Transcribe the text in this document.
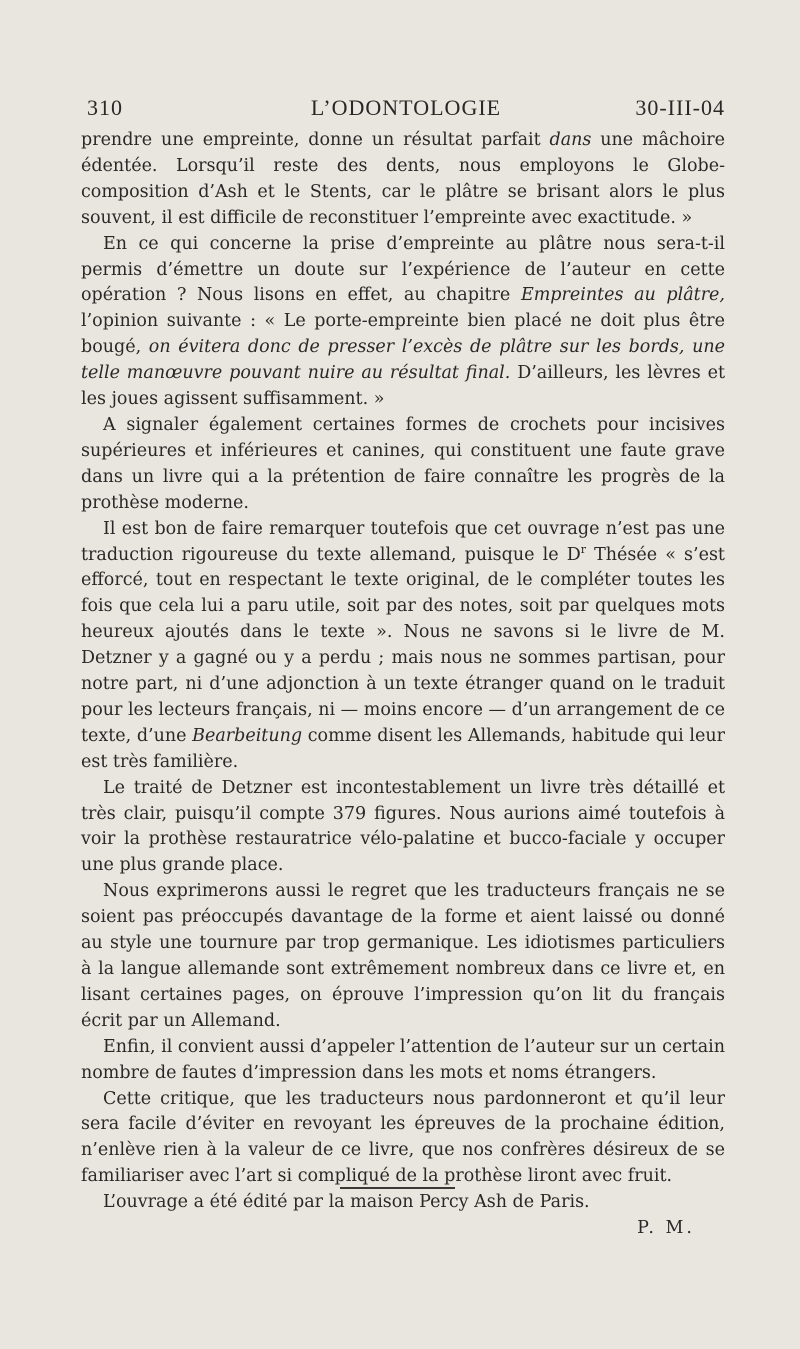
310	L’ODONTOLOGIE	30-III-04

prendre une empreinte, donne un résultat parfait dans une mâchoire édentée. Lorsqu’il reste des dents, nous employons le Globe-composition d’Ash et le Stents, car le plâtre se brisant alors le plus souvent, il est difficile de reconstituer l’empreinte avec exactitude. »

En ce qui concerne la prise d’empreinte au plâtre nous sera-t-il permis d’émettre un doute sur l’expérience de l’auteur en cette opération ? Nous lisons en effet, au chapitre Empreintes au plâtre, l’opinion suivante : « Le porte-empreinte bien placé ne doit plus être bougé, on évitera donc de presser l’excès de plâtre sur les bords, une telle manœuvre pouvant nuire au résultat final. D’ailleurs, les lèvres et les joues agissent suffisamment. »

A signaler également certaines formes de crochets pour incisives supérieures et inférieures et canines, qui constituent une faute grave dans un livre qui a la prétention de faire connaître les progrès de la prothèse moderne.

Il est bon de faire remarquer toutefois que cet ouvrage n’est pas une traduction rigoureuse du texte allemand, puisque le $D^r$ Thésée « s’est efforcé, tout en respectant le texte original, de le compléter toutes les fois que cela lui a paru utile, soit par des notes, soit par quelques mots heureux ajoutés dans le texte ». Nous ne savons si le livre de M. Detzner y a gagné ou y a perdu ; mais nous ne sommes partisan, pour notre part, ni d’une adjonction à un texte étranger quand on le traduit pour les lecteurs français, ni — moins encore — d’un arrangement de ce texte, d’une Bearbeitung comme disent les Allemands, habitude qui leur est très familière.

Le traité de Detzner est incontestablement un livre très détaillé et très clair, puisqu’il compte 379 figures. Nous aurions aimé toutefois à voir la prothèse restauratrice vélo-palatine et bucco-faciale y occuper une plus grande place.

Nous exprimerons aussi le regret que les traducteurs français ne se soient pas préoccupés davantage de la forme et aient laissé ou donné au style une tournure par trop germanique. Les idiotismes particuliers à la langue allemande sont extrêmement nombreux dans ce livre et, en lisant certaines pages, on éprouve l’impression qu’on lit du français écrit par un Allemand.

Enfin, il convient aussi d’appeler l’attention de l’auteur sur un certain nombre de fautes d’impression dans les mots et noms étrangers.

Cette critique, que les traducteurs nous pardonneront et qu’il leur sera facile d’éviter en revoyant les épreuves de la prochaine édition, n’enlève rien à la valeur de ce livre, que nos confrères désireux de se familiariser avec l’art si compliqué de la prothèse liront avec fruit.

L’ouvrage a été édité par la maison Percy Ash de Paris.

P. M.
